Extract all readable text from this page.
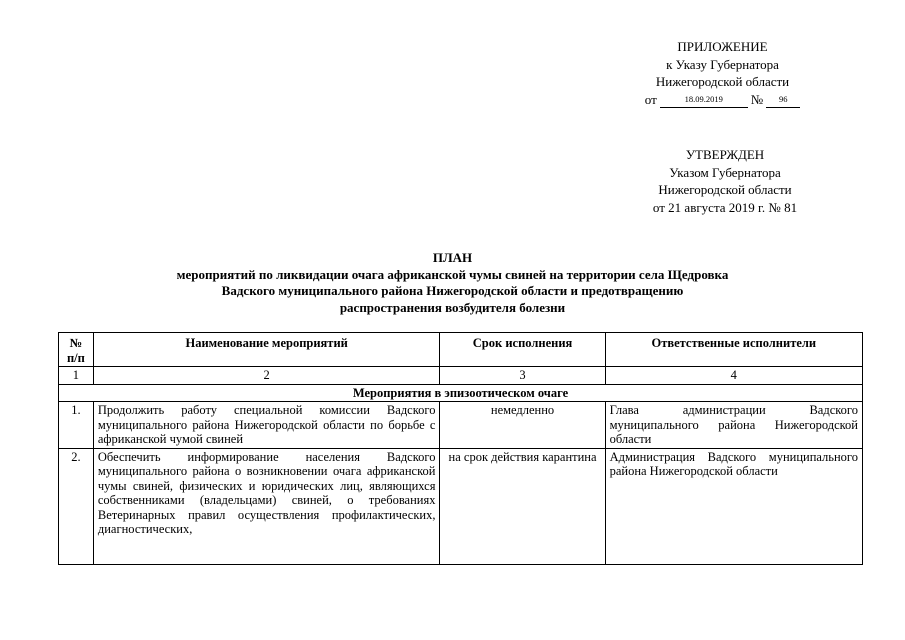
ПРИЛОЖЕНИЕ
к Указу Губернатора
Нижегородской области
от	18.09.2019	№	96
УТВЕРЖДЕН
Указом Губернатора
Нижегородской области
от 21 августа 2019 г. № 81
ПЛАН
мероприятий по ликвидации очага африканской чумы свиней на территории села Щедровка
Вадского муниципального района Нижегородской области и предотвращению
распространения возбудителя болезни
№ п/п	Наименование мероприятий	Срок исполнения	Ответственные исполнители
1	2	3	4
Мероприятия в эпизоотическом очаге			
1.	Продолжить работу специальной комиссии Вадского муниципального района Нижегородской области по борьбе с африканской чумой свиней	немедленно	Глава администрации Вадского муниципального района Нижегородской области
2.	Обеспечить информирование населения Вадского муниципального района о возникновении очага африканской чумы свиней, физических и юридических лиц, являющихся собственниками (владельцами) свиней, о требованиях Ветеринарных правил осуществления профилактических, диагностических,	на срок действия карантина	Администрация Вадского муниципального района Нижегородской области
